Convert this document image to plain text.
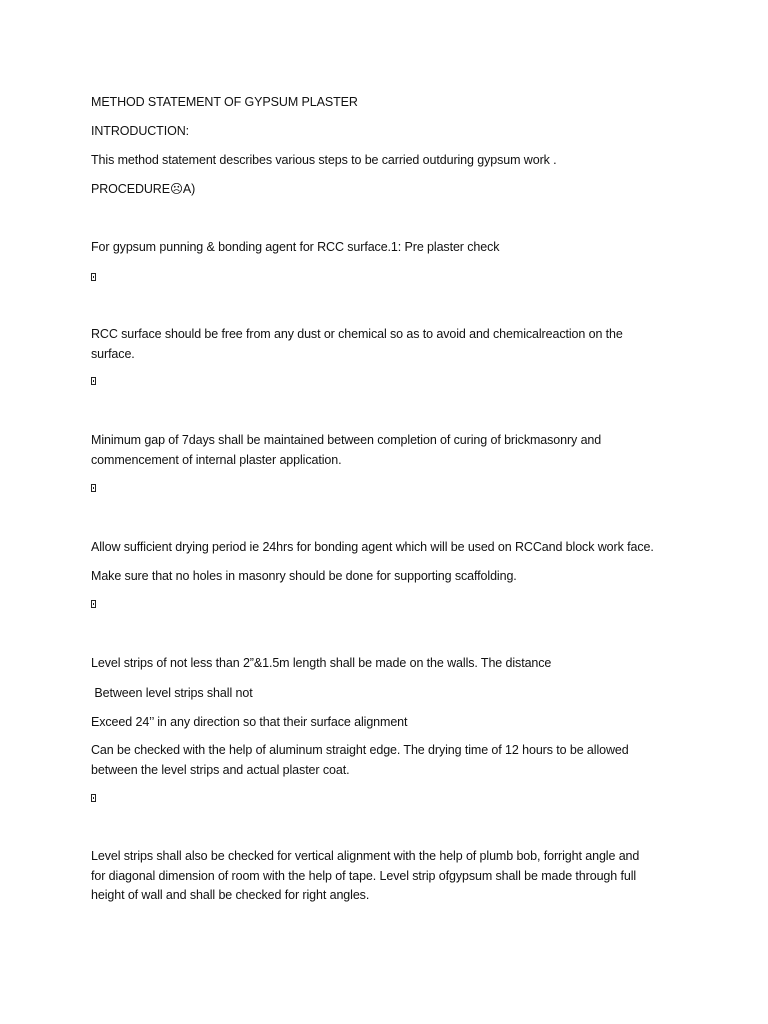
METHOD STATEMENT OF GYPSUM PLASTER
INTRODUCTION:
This method statement describes various steps to be carried outduring gypsum work .
PROCEDURE☹A)
For gypsum punning & bonding agent for RCC surface.1: Pre plaster check
RCC surface should be free from any dust or chemical so as to avoid and chemicalreaction on the surface.
Minimum gap of 7days shall be maintained between completion of curing of brickmasonry and commencement of internal plaster application.
Allow sufficient drying period ie 24hrs for bonding agent which will be used on RCCand block work face.
Make sure that no holes in masonry should be done for supporting scaffolding.
Level strips of not less than 2”&1.5m length shall be made on the walls. The distance
Between level strips shall not
Exceed 24’’ in any direction so that their surface alignment
Can be checked with the help of aluminum straight edge. The drying time of 12 hours to be allowed between the level strips and actual plaster coat.
Level strips shall also be checked for vertical alignment with the help of plumb bob, forright angle and for diagonal dimension of room with the help of tape. Level strip ofgypsum shall be made through full height of wall and shall be checked for right angles.
